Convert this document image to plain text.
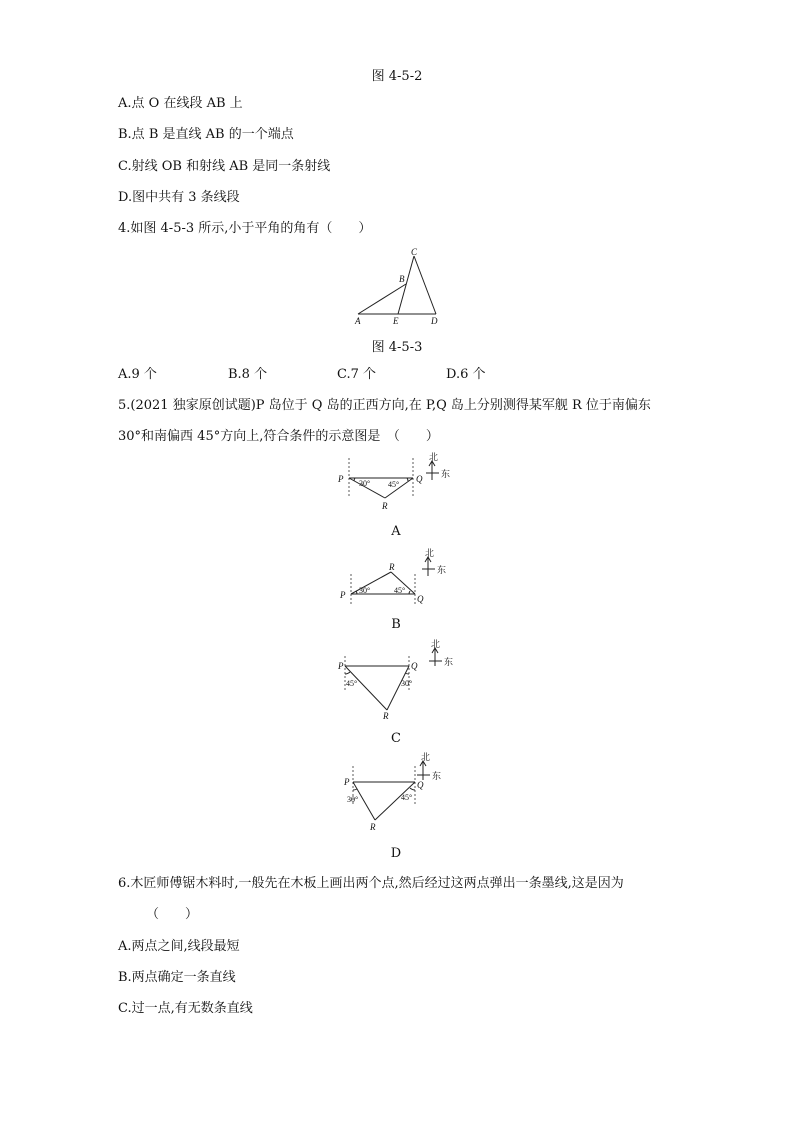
图 4-5-2
A.点 O 在线段 AB 上
B.点 B 是直线 AB 的一个端点
C.射线 OB 和射线 AB 是同一条射线
D.图中共有 3 条线段
4.如图 4-5-3 所示,小于平角的角有（　　）
A
B
C
D
E
图 4-5-3
A.9 个	B.8 个	C.7 个	D.6 个
5.(2021 独家原创试题)P 岛位于 Q 岛的正西方向,在 P,Q 岛上分别测得某军舰 R 位于南偏东
30°和南偏西 45°方向上,符合条件的示意图是　（　　）
P	Q
R
30° 45°
北
东
A
P	Q
R
30°	45°
北
东
B
P	Q
R
45°	30°
北
东
C
P	Q
R
30°	45°
北
东
D
6.木匠师傅锯木料时,一般先在木板上画出两个点,然后经过这两点弹出一条墨线,这是因为
（　　）
A.两点之间,线段最短
B.两点确定一条直线
C.过一点,有无数条直线
